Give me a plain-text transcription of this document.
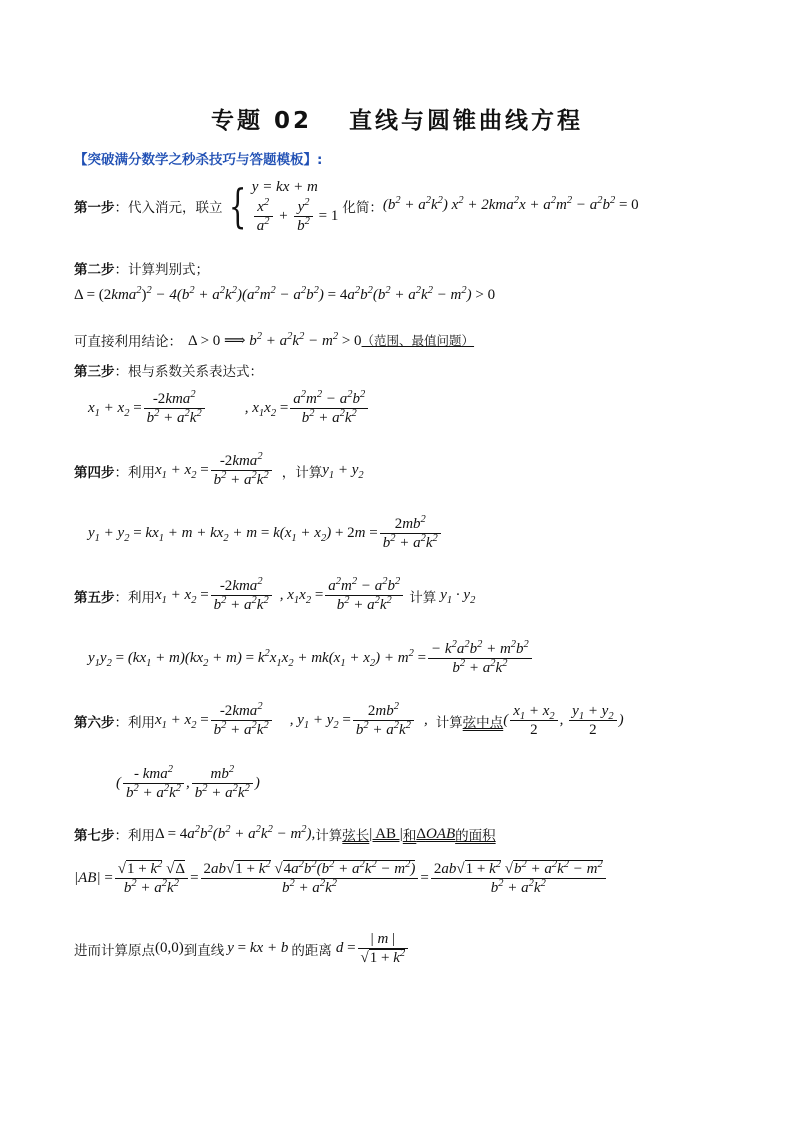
专题 02　 直线与圆锥曲线方程
【突破满分数学之秒杀技巧与答题模板】:
第一步：代入消元，联立 { y = kx + m
$\frac{x^2}{a^2} + \frac{y^2}{b^2} = 1$
化简： $(b^2 + a^2k^2) x^2 + 2kma^2x + a^2m^2 - a^2b^2 = 0$
第二步：计算判别式；
$\Delta = (2kma^2)^2 - 4(b^2 + a^2k^2)(a^2m^2 - a^2b^2) = 4a^2b^2(b^2 + a^2k^2 - m^2) > 0$
可直接利用结论： Δ > 0 ⟹ $b^2 + a^2k^2 - m^2 > 0$ （范围、最值问题）
第三步：根与系数关系表达式：
$x_1 + x_2 = \frac{-2kma^2}{b^2 + a^2k^2}$	, $x_1x_2 = \frac{a^2m^2 - a^2b^2}{b^2 + a^2k^2}$
第四步：利用 $x_1 + x_2 = \frac{-2kma^2}{b^2 + a^2k^2}$ ，计算 $y_1 + y_2$
$y_1 + y_2 = kx_1 + m + kx_2 + m = k(x_1 + x_2) + 2m = \frac{2mb^2}{b^2 + a^2k^2}$
第五步：利用 $x_1 + x_2 = \frac{-2kma^2}{b^2 + a^2k^2}$ , $x_1x_2 = \frac{a^2m^2 - a^2b^2}{b^2 + a^2k^2}$ 计算 $y_1 \cdot y_2$
$y_1y_2 = (kx_1 + m)(kx_2 + m) = k^2x_1x_2 + mk(x_1 + x_2) + m^2 = \frac{- k^2a^2b^2 + m^2b^2}{b^2 + a^2k^2}$
第六步：利用 $x_1 + x_2 = \frac{-2kma^2}{b^2 + a^2k^2}$ , $y_1 + y_2 = \frac{2mb^2}{b^2 + a^2k^2}$ , 计算 弦中点 ( $\frac{x_1 + x_2}{2}$ , $\frac{y_1 + y_2}{2}$ )
( $\frac{- kma^2}{b^2 + a^2k^2}$ , $\frac{mb^2}{b^2 + a^2k^2}$ )
第七步：利用 $\Delta = 4a^2b^2(b^2 + a^2k^2 - m^2)$, 计算 弦长 | AB | 和 ΔOAB 的面积
$|AB| = \frac{√1 + k^2 √\Delta}{b^2 + a^2k^2} = \frac{2ab√1 + k^2 √4a^2b^2(b^2 + a^2k^2 - m^2)}{b^2 + a^2k^2} = \frac{2ab√1 + k^2 √b^2 + a^2k^2 - m^2}{b^2 + a^2k^2}$
进而计算原点 (0,0) 到直线 y = kx + b 的距离 $d = \frac{| m |}{√1 + k^2}$
